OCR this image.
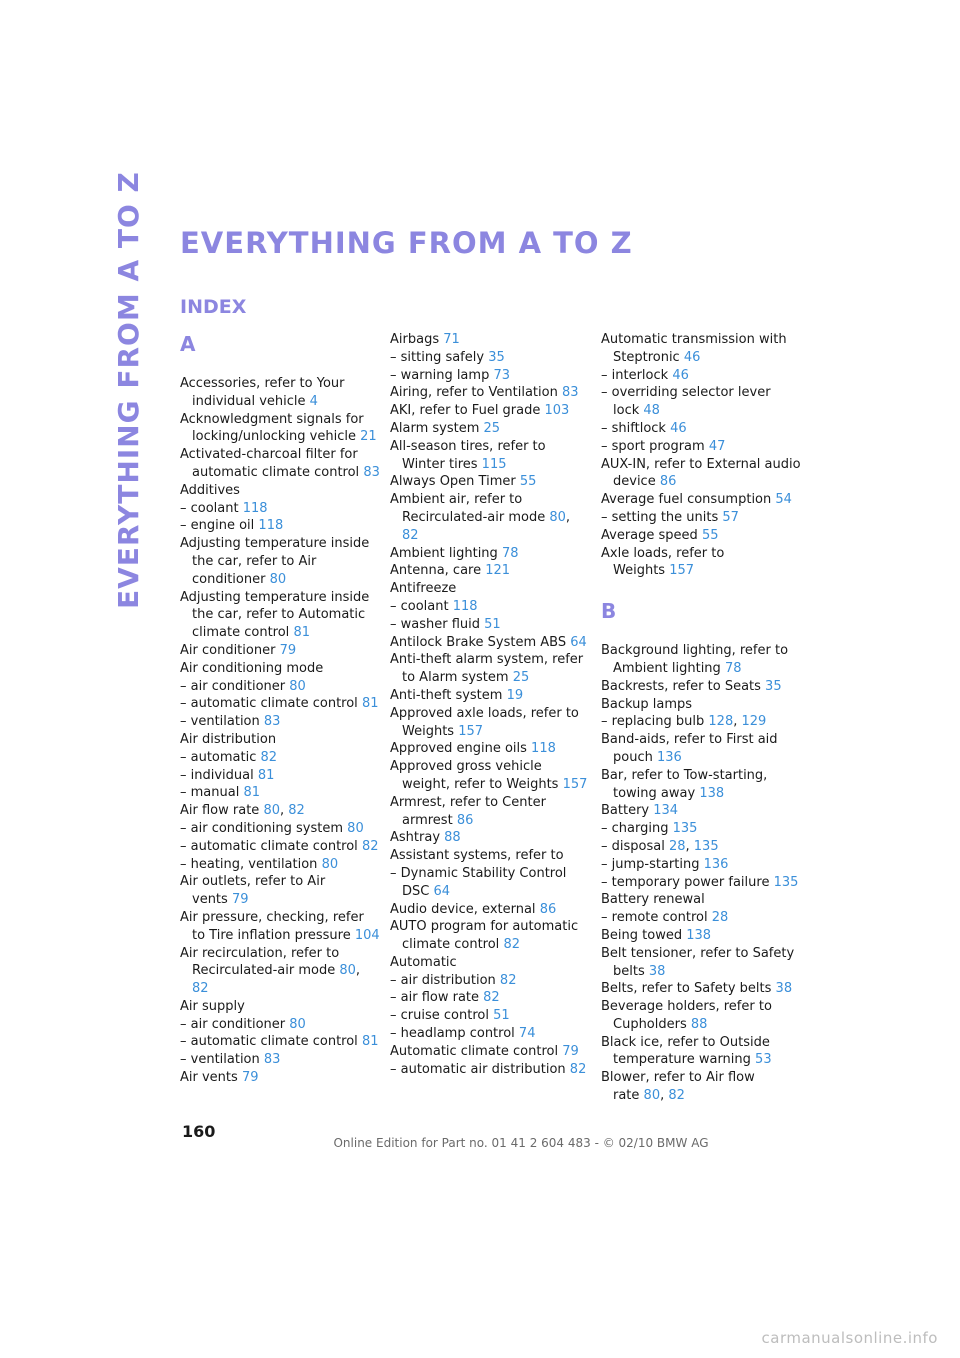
EVERYTHING FROM A TO Z EVERYTHING FROM A TO Z
INDEX
A
Accessories, refer to Your individual vehicle 4
Acknowledgment signals for locking/unlocking vehicle 21
Activated-charcoal filter for automatic climate control 83
Additives
– coolant 118
– engine oil 118
Adjusting temperature inside the car, refer to Air conditioner 80
Adjusting temperature inside the car, refer to Automatic climate control 81
Air conditioner 79
Air conditioning mode
– air conditioner 80
– automatic climate control 81
– ventilation 83
Air distribution
– automatic 82
– individual 81
– manual 81
Air flow rate 80, 82
– air conditioning system 80
– automatic climate control 82
– heating, ventilation 80
Air outlets, refer to Air vents 79
Air pressure, checking, refer to Tire inflation pressure 104
Air recirculation, refer to Recirculated-air mode 80, 82
Air supply
– air conditioner 80
– automatic climate control 81
– ventilation 83
Air vents 79
Airbags 71
– sitting safely 35
– warning lamp 73
Airing, refer to Ventilation 83
AKI, refer to Fuel grade 103
Alarm system 25
All-season tires, refer to Winter tires 115
Always Open Timer 55
Ambient air, refer to Recirculated-air mode 80, 82
Ambient lighting 78
Antenna, care 121
Antifreeze
– coolant 118
– washer fluid 51
Antilock Brake System ABS 64
Anti-theft alarm system, refer to Alarm system 25
Anti-theft system 19
Approved axle loads, refer to Weights 157
Approved engine oils 118
Approved gross vehicle weight, refer to Weights 157
Armrest, refer to Center armrest 86
Ashtray 88
Assistant systems, refer to
– Dynamic Stability Control DSC 64
Audio device, external 86
AUTO program for automatic climate control 82
Automatic
– air distribution 82
– air flow rate 82
– cruise control 51
– headlamp control 74
Automatic climate control 79
– automatic air distribution 82
Automatic transmission with Steptronic 46
– interlock 46
– overriding selector lever lock 48
– shiftlock 46
– sport program 47
AUX-IN, refer to External audio device 86
Average fuel consumption 54
– setting the units 57
Average speed 55
Axle loads, refer to Weights 157
B
Background lighting, refer to Ambient lighting 78
Backrests, refer to Seats 35
Backup lamps
– replacing bulb 128, 129
Band-aids, refer to First aid pouch 136
Bar, refer to Tow-starting, towing away 138
Battery 134
– charging 135
– disposal 28, 135
– jump-starting 136
– temporary power failure 135
Battery renewal
– remote control 28
Being towed 138
Belt tensioner, refer to Safety belts 38
Belts, refer to Safety belts 38
Beverage holders, refer to Cupholders 88
Black ice, refer to Outside temperature warning 53
Blower, refer to Air flow rate 80, 82
160
Online Edition for Part no. 01 41 2 604 483 - © 02/10 BMW AG
carmanualsonline.info
